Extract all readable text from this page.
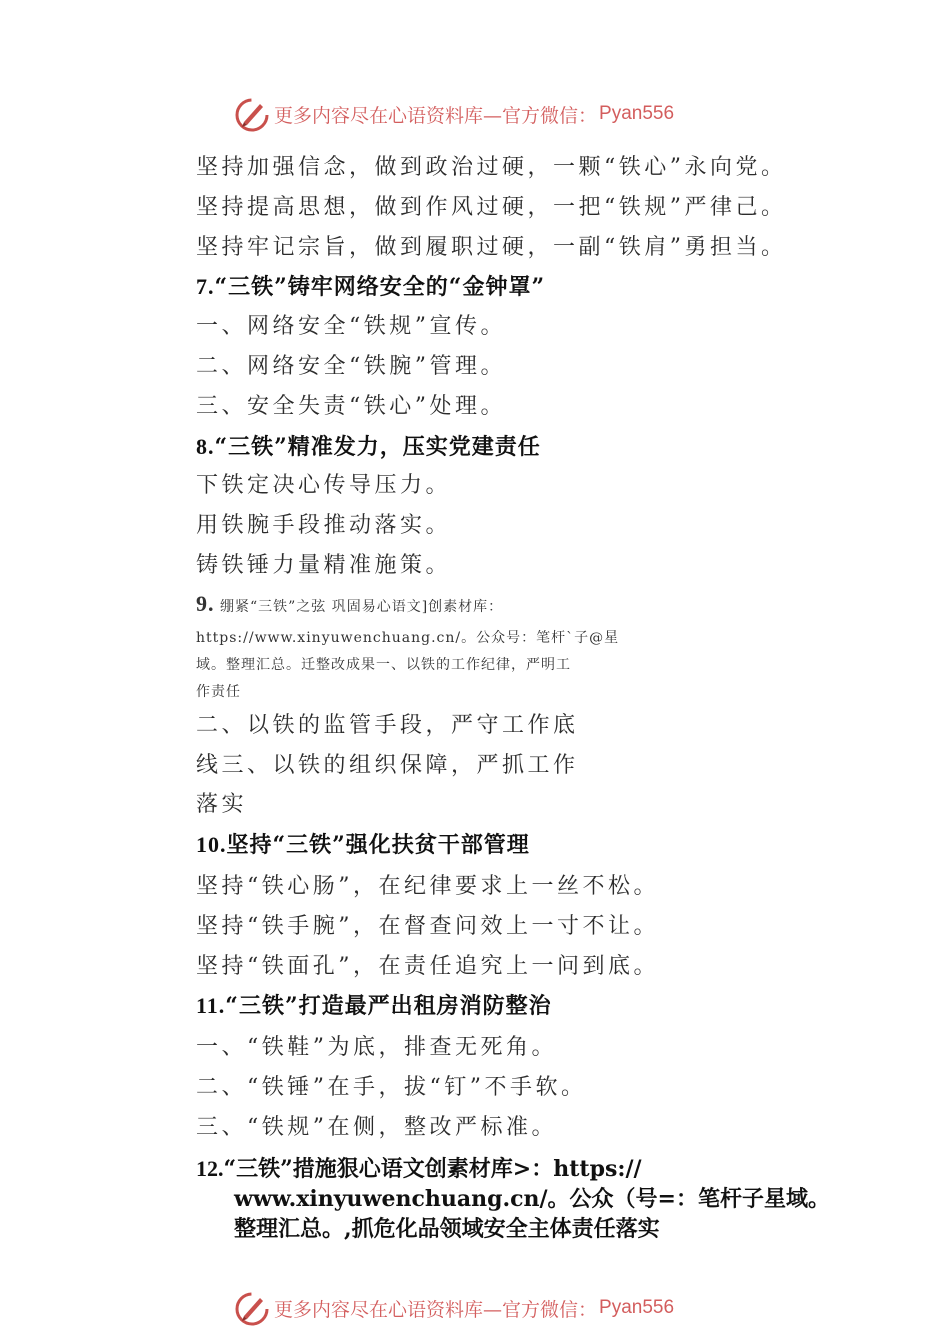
更多内容尽在心语资料库—官方微信： Pyan556
坚持加强信念，做到政治过硬，一颗“铁心”永向党。
坚持提高思想，做到作风过硬，一把“铁规”严律己。
坚持牢记宗旨，做到履职过硬，一副“铁肩”勇担当。
7.“三铁”铸牢网络安全的“金钟罩”
一、网络安全“铁规”宣传。
二、网络安全“铁腕”管理。
三、安全失责“铁心”处理。
8.“三铁”精准发力，压实党建责任
下铁定决心传导压力。
用铁腕手段推动落实。
铸铁锤力量精准施策。
9. 绷紧“三铁”之弦 巩固易心语文]创素材库：
https://www.xinyuwenchuang.cn/。公众号：笔杆`子@星
域。整理汇总。迁整改成果一、以铁的工作纪律，严明工
作责任
二、以铁的监管手段，严守工作底
线三、以铁的组织保障，严抓工作
落实
10.坚持“三铁”强化扶贫干部管理
坚持“铁心肠”，在纪律要求上一丝不松。
坚持“铁手腕”，在督查问效上一寸不让。
坚持“铁面孔”，在责任追究上一问到底。
11.“三铁”打造最严出租房消防整治
一、“铁鞋”为底，排查无死角。
二、“铁锤”在手，拔“钉”不手软。
三、“铁规”在侧，整改严标准。
12.“三铁”措施狠心语文创素材库>：https://
www.xinyuwenchuang.cn/。公众（号=：笔杆子星域。
整理汇总。,抓危化品领域安全主体责任落实
更多内容尽在心语资料库—官方微信： Pyan556
